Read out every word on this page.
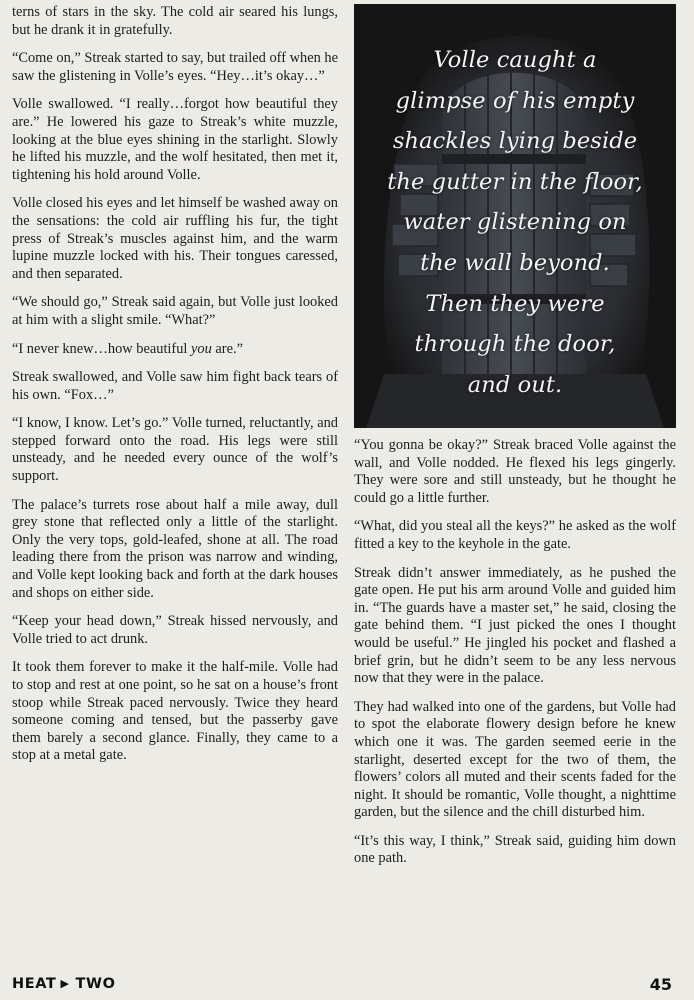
terns of stars in the sky. The cold air seared his lungs, but he drank it in gratefully.

“Come on,” Streak started to say, but trailed off when he saw the glistening in Volle’s eyes. “Hey…it’s okay…”

Volle swallowed. “I really…forgot how beautiful they are.” He lowered his gaze to Streak’s white muzzle, looking at the blue eyes shining in the starlight. Slowly he lifted his muzzle, and the wolf hesitated, then met it, tightening his hold around Volle.

Volle closed his eyes and let himself be washed away on the sensations: the cold air ruffling his fur, the tight press of Streak’s muscles against him, and the warm lupine muzzle locked with his. Their tongues caressed, and then separated.

“We should go,” Streak said again, but Volle just looked at him with a slight smile. “What?”

“I never knew…how beautiful you are.”

Streak swallowed, and Volle saw him fight back tears of his own. “Fox…”

“I know, I know. Let’s go.” Volle turned, reluctantly, and stepped forward onto the road. His legs were still unsteady, and he needed every ounce of the wolf’s support.

The palace’s turrets rose about half a mile away, dull grey stone that reflected only a little of the starlight. Only the very tops, gold-leafed, shone at all. The road leading there from the prison was narrow and winding, and Volle kept looking back and forth at the dark houses and shops on either side.

“Keep your head down,” Streak hissed nervously, and Volle tried to act drunk.

It took them forever to make it the half-mile. Volle had to stop and rest at one point, so he sat on a house’s front stoop while Streak paced nervously. Twice they heard someone coming and tensed, but the passerby gave them barely a second glance. Finally, they came to a stop at a metal gate.

Volle caught a
glimpse of his empty
shackles lying beside
the gutter in the floor,
water glistening on
the wall beyond.
Then they were
through the door,
and out.

“You gonna be okay?” Streak braced Volle against the wall, and Volle nodded. He flexed his legs gingerly. They were sore and still unsteady, but he thought he could go a little further.

“What, did you steal all the keys?” he asked as the wolf fitted a key to the keyhole in the gate.

Streak didn’t answer immediately, as he pushed the gate open. He put his arm around Volle and guided him in. “The guards have a master set,” he said, closing the gate behind them. “I just picked the ones I thought would be useful.” He jingled his pocket and flashed a brief grin, but he didn’t seem to be any less nervous now that they were in the palace.

They had walked into one of the gardens, but Volle had to spot the elaborate flowery design before he knew which one it was. The garden seemed eerie in the starlight, deserted except for the two of them, the flowers’ colors all muted and their scents faded for the night. It should be romantic, Volle thought, a nighttime garden, but the silence and the chill disturbed him.

“It’s this way, I think,” Streak said, guiding him down one path.

HEAT ▶ TWO	45
